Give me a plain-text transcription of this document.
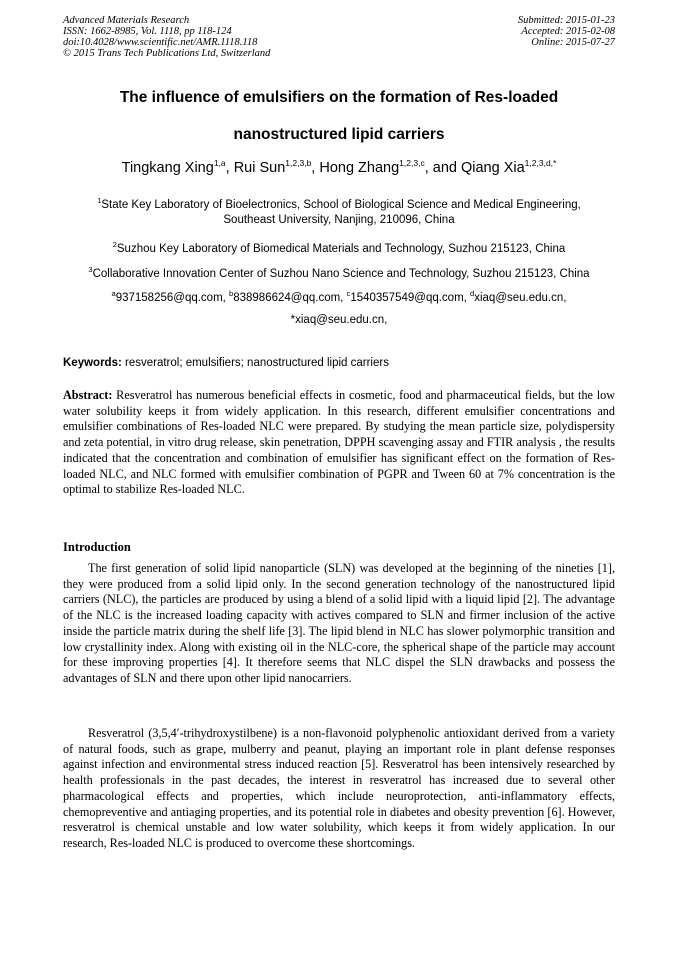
Advanced Materials Research
ISSN: 1662-8985, Vol. 1118, pp 118-124
doi:10.4028/www.scientific.net/AMR.1118.118
© 2015 Trans Tech Publications Ltd, Switzerland
Submitted: 2015-01-23
Accepted: 2015-02-08
Online: 2015-07-27
The influence of emulsifiers on the formation of Res-loaded
nanostructured lipid carriers
Tingkang Xing$^{1,a}$, Rui Sun$^{1,2,3,b}$, Hong Zhang$^{1,2,3,c}$, and Qiang Xia$^{1,2,3,d,*}$
$^1$State Key Laboratory of Bioelectronics, School of Biological Science and Medical Engineering,
Southeast University, Nanjing, 210096, China
$^2$Suzhou Key Laboratory of Biomedical Materials and Technology, Suzhou 215123, China
$^3$Collaborative Innovation Center of Suzhou Nano Science and Technology, Suzhou 215123, China
$^a$937158256@qq.com, $^b$838986624@qq.com, $^c$1540357549@qq.com, $^d$xiaq@seu.edu.cn,
*xiaq@seu.edu.cn,
Keywords: resveratrol; emulsifiers; nanostructured lipid carriers
Abstract: Resveratrol has numerous beneficial effects in cosmetic, food and pharmaceutical fields, but the low water solubility keeps it from widely application. In this research, different emulsifier concentrations and emulsifier combinations of Res-loaded NLC were prepared. By studying the mean particle size, polydispersity and zeta potential, in vitro drug release, skin penetration, DPPH scavenging assay and FTIR analysis , the results indicated that the concentration and combination of emulsifier has significant effect on the formation of Res-loaded NLC, and NLC formed with emulsifier combination of PGPR and Tween 60 at 7% concentration is the optimal to stabilize Res-loaded NLC.
Introduction
The first generation of solid lipid nanoparticle (SLN) was developed at the beginning of the nineties [1], they were produced from a solid lipid only. In the second generation technology of the nanostructured lipid carriers (NLC), the particles are produced by using a blend of a solid lipid with a liquid lipid [2]. The advantage of the NLC is the increased loading capacity with actives compared to SLN and firmer inclusion of the active inside the particle matrix during the shelf life [3]. The lipid blend in NLC has slower polymorphic transition and low crystallinity index. Along with existing oil in the NLC-core, the spherical shape of the particle may account for these improving properties [4]. It therefore seems that NLC dispel the SLN drawbacks and possess the advantages of SLN and there upon other lipid nanocarriers.
Resveratrol (3,5,4′-trihydroxystilbene) is a non-flavonoid polyphenolic antioxidant derived from a variety of natural foods, such as grape, mulberry and peanut, playing an important role in plant defense responses against infection and environmental stress induced reaction [5]. Resveratrol has been intensively researched by health professionals in the past decades, the interest in resveratrol has increased due to several other pharmacological effects and properties, which include neuroprotection, anti-inflammatory effects, chemopreventive and antiaging properties, and its potential role in diabetes and obesity prevention [6]. However, resveratrol is chemical unstable and low water solubility, which keeps it from widely application. In our research, Res-loaded NLC is produced to overcome these shortcomings.
